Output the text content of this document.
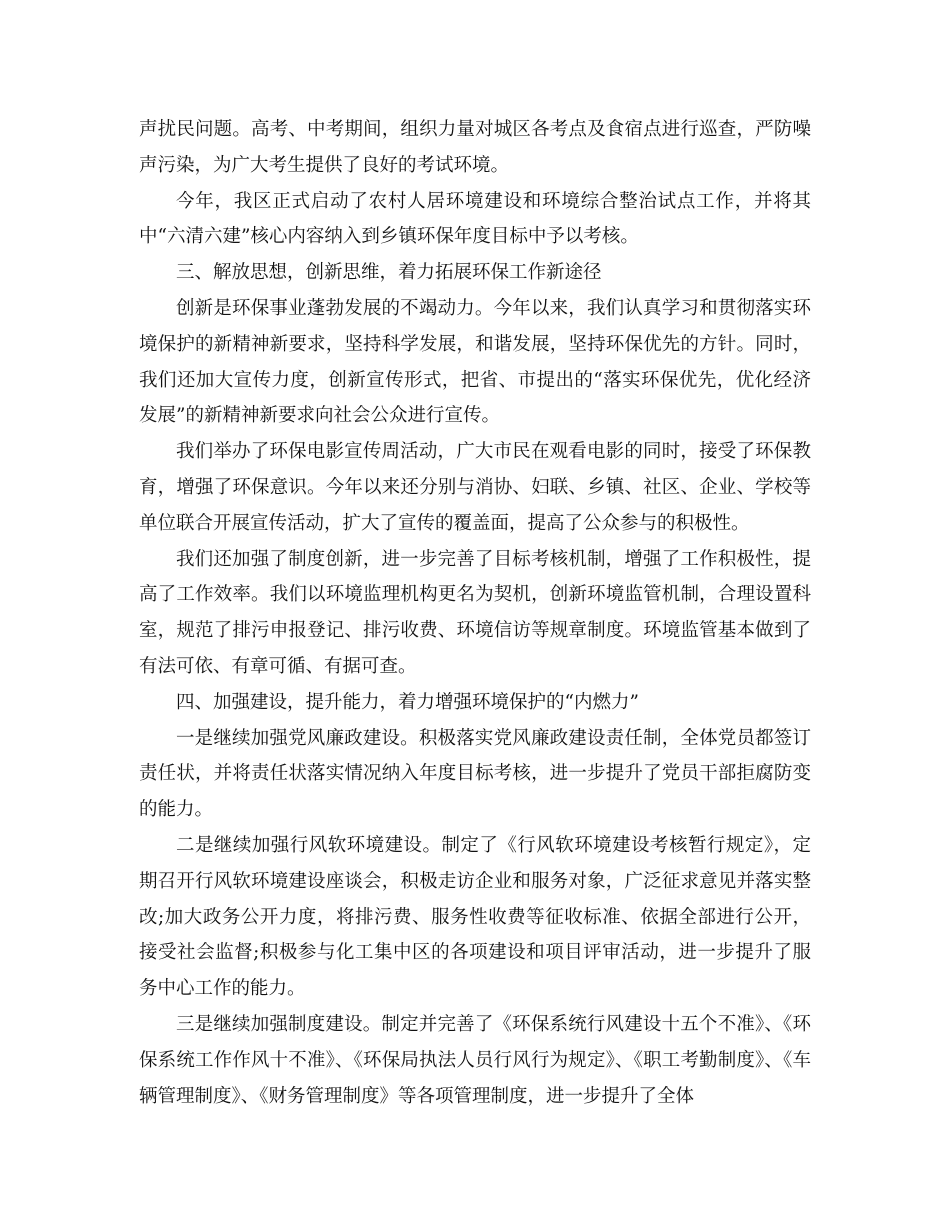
声扰民问题。高考、中考期间，组织力量对城区各考点及食宿点进行巡查，严防噪声污染，为广大考生提供了良好的考试环境。

今年，我区正式启动了农村人居环境建设和环境综合整治试点工作，并将其中“六清六建”核心内容纳入到乡镇环保年度目标中予以考核。

三、解放思想，创新思维，着力拓展环保工作新途径

创新是环保事业蓬勃发展的不竭动力。今年以来，我们认真学习和贯彻落实环境保护的新精神新要求，坚持科学发展，和谐发展，坚持环保优先的方针。同时，我们还加大宣传力度，创新宣传形式，把省、市提出的“落实环保优先，优化经济发展”的新精神新要求向社会公众进行宣传。

我们举办了环保电影宣传周活动，广大市民在观看电影的同时，接受了环保教育，增强了环保意识。今年以来还分别与消协、妇联、乡镇、社区、企业、学校等单位联合开展宣传活动，扩大了宣传的覆盖面，提高了公众参与的积极性。

我们还加强了制度创新，进一步完善了目标考核机制，增强了工作积极性，提高了工作效率。我们以环境监理机构更名为契机，创新环境监管机制，合理设置科室，规范了排污申报登记、排污收费、环境信访等规章制度。环境监管基本做到了有法可依、有章可循、有据可查。

四、加强建设，提升能力，着力增强环境保护的“内燃力”

一是继续加强党风廉政建设。积极落实党风廉政建设责任制，全体党员都签订责任状，并将责任状落实情况纳入年度目标考核，进一步提升了党员干部拒腐防变的能力。

二是继续加强行风软环境建设。制定了《行风软环境建设考核暂行规定》，定期召开行风软环境建设座谈会，积极走访企业和服务对象，广泛征求意见并落实整改;加大政务公开力度，将排污费、服务性收费等征收标准、依据全部进行公开，接受社会监督;积极参与化工集中区的各项建设和项目评审活动，进一步提升了服务中心工作的能力。

三是继续加强制度建设。制定并完善了《环保系统行风建设十五个不准》、《环保系统工作作风十不准》、《环保局执法人员行风行为规定》、《职工考勤制度》、《车辆管理制度》、《财务管理制度》等各项管理制度，进一步提升了全体
